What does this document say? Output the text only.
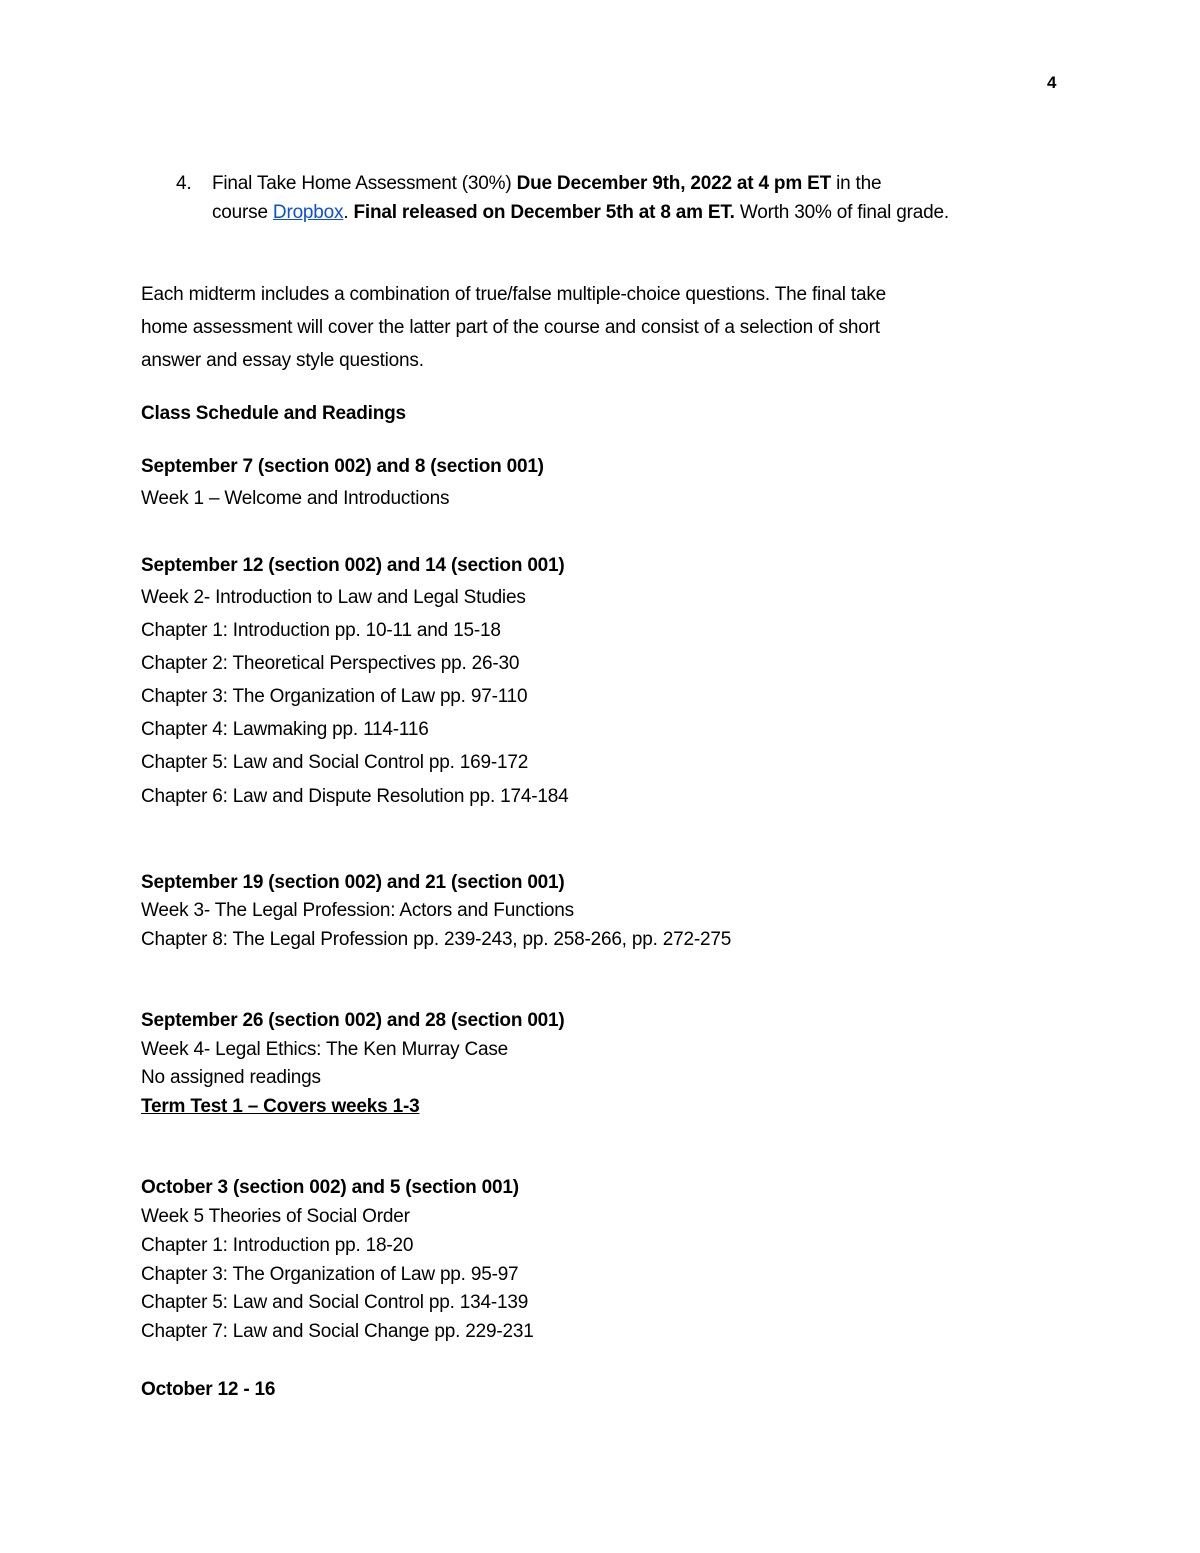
4
4. Final Take Home Assessment (30%) Due December 9th, 2022 at 4 pm ET in the
course Dropbox. Final released on December 5th at 8 am ET. Worth 30% of final grade.
Each midterm includes a combination of true/false multiple-choice questions. The final take
home assessment will cover the latter part of the course and consist of a selection of short
answer and essay style questions.
Class Schedule and Readings
September 7 (section 002) and 8 (section 001)
Week 1 – Welcome and Introductions
September 12 (section 002) and 14 (section 001)
Week 2- Introduction to Law and Legal Studies
Chapter 1: Introduction pp. 10-11 and 15-18
Chapter 2: Theoretical Perspectives pp. 26-30
Chapter 3: The Organization of Law pp. 97-110
Chapter 4: Lawmaking pp. 114-116
Chapter 5: Law and Social Control pp. 169-172
Chapter 6: Law and Dispute Resolution pp. 174-184
September 19 (section 002) and 21 (section 001)
Week 3- The Legal Profession: Actors and Functions
Chapter 8: The Legal Profession pp. 239-243, pp. 258-266, pp. 272-275
September 26 (section 002) and 28 (section 001)
Week 4- Legal Ethics: The Ken Murray Case
No assigned readings
Term Test 1 – Covers weeks 1-3
October 3 (section 002) and 5 (section 001)
Week 5 Theories of Social Order
Chapter 1: Introduction pp. 18-20
Chapter 3: The Organization of Law pp. 95-97
Chapter 5: Law and Social Control pp. 134-139
Chapter 7: Law and Social Change pp. 229-231
October 12 - 16
